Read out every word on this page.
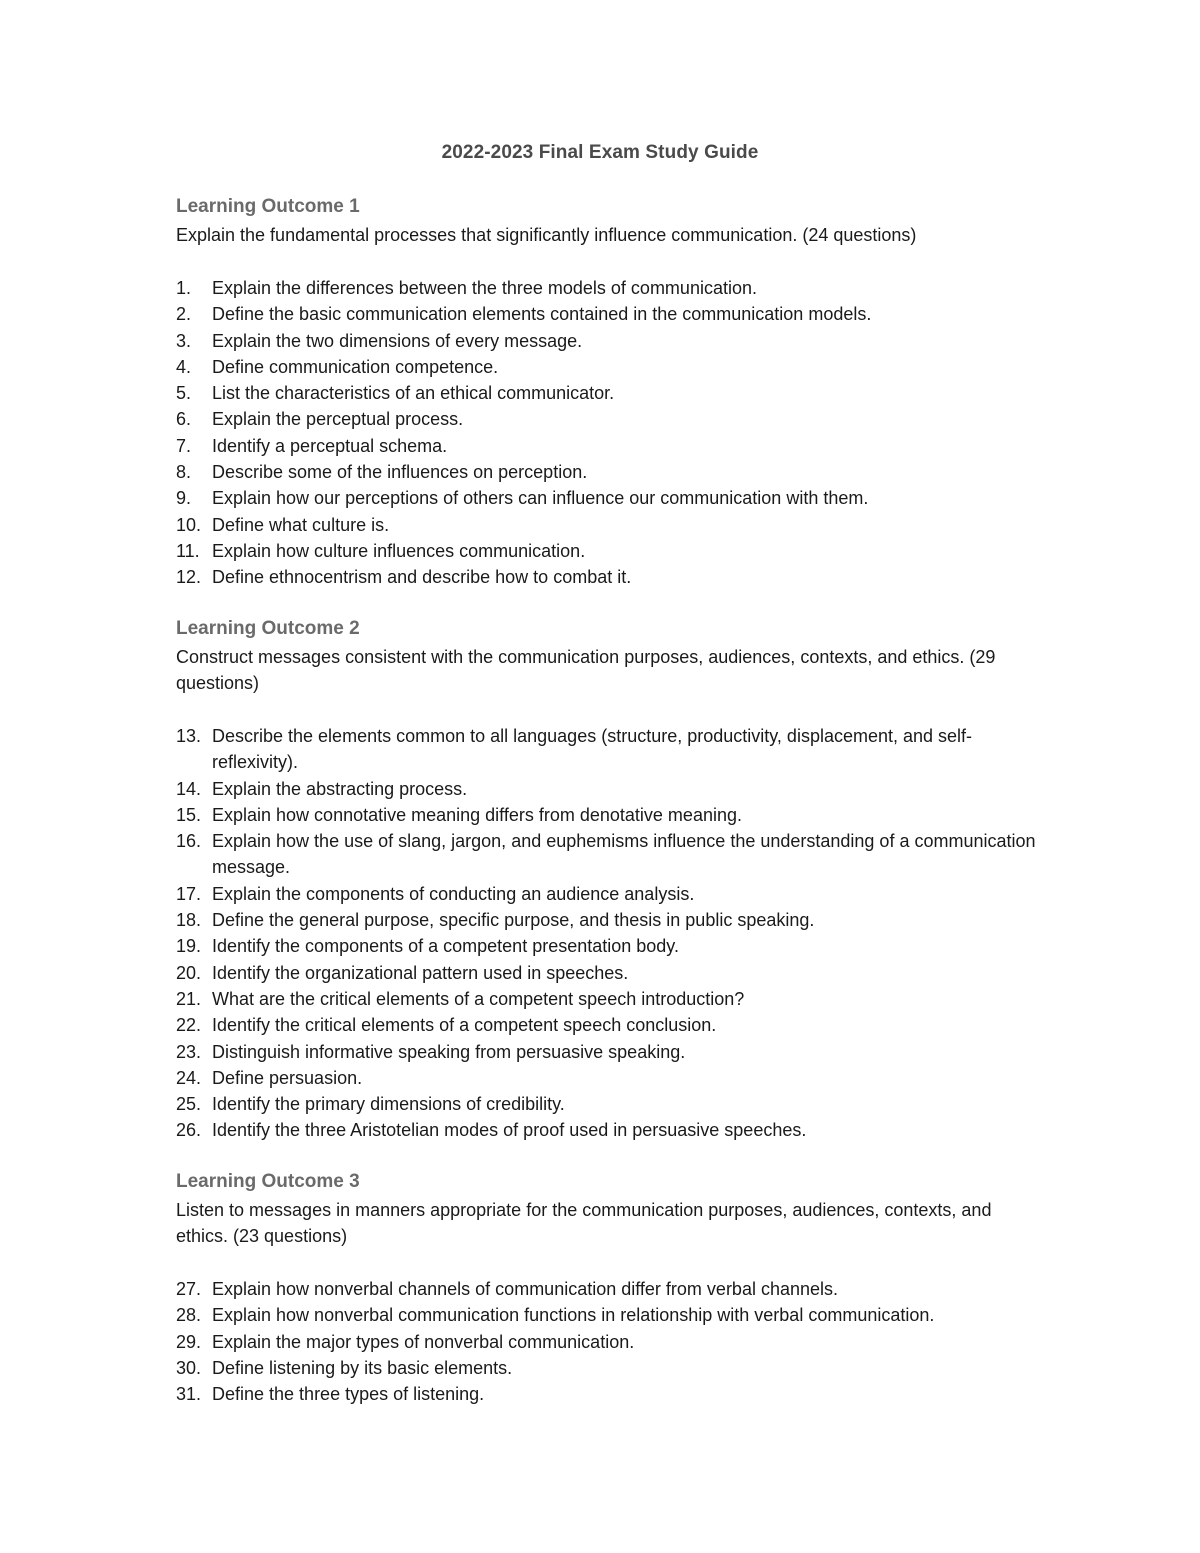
2022-2023 Final Exam Study Guide
Learning Outcome 1
Explain the fundamental processes that significantly influence communication. (24 questions)
1. Explain the differences between the three models of communication.
2. Define the basic communication elements contained in the communication models.
3. Explain the two dimensions of every message.
4. Define communication competence.
5. List the characteristics of an ethical communicator.
6. Explain the perceptual process.
7. Identify a perceptual schema.
8. Describe some of the influences on perception.
9. Explain how our perceptions of others can influence our communication with them.
10. Define what culture is.
11. Explain how culture influences communication.
12. Define ethnocentrism and describe how to combat it.
Learning Outcome 2
Construct messages consistent with the communication purposes, audiences, contexts, and ethics. (29 questions)
13. Describe the elements common to all languages (structure, productivity, displacement, and self-reflexivity).
14. Explain the abstracting process.
15. Explain how connotative meaning differs from denotative meaning.
16. Explain how the use of slang, jargon, and euphemisms influence the understanding of a communication message.
17. Explain the components of conducting an audience analysis.
18. Define the general purpose, specific purpose, and thesis in public speaking.
19. Identify the components of a competent presentation body.
20. Identify the organizational pattern used in speeches.
21. What are the critical elements of a competent speech introduction?
22. Identify the critical elements of a competent speech conclusion.
23. Distinguish informative speaking from persuasive speaking.
24. Define persuasion.
25. Identify the primary dimensions of credibility.
26. Identify the three Aristotelian modes of proof used in persuasive speeches.
Learning Outcome 3
Listen to messages in manners appropriate for the communication purposes, audiences, contexts, and ethics. (23 questions)
27. Explain how nonverbal channels of communication differ from verbal channels.
28. Explain how nonverbal communication functions in relationship with verbal communication.
29. Explain the major types of nonverbal communication.
30. Define listening by its basic elements.
31. Define the three types of listening.
